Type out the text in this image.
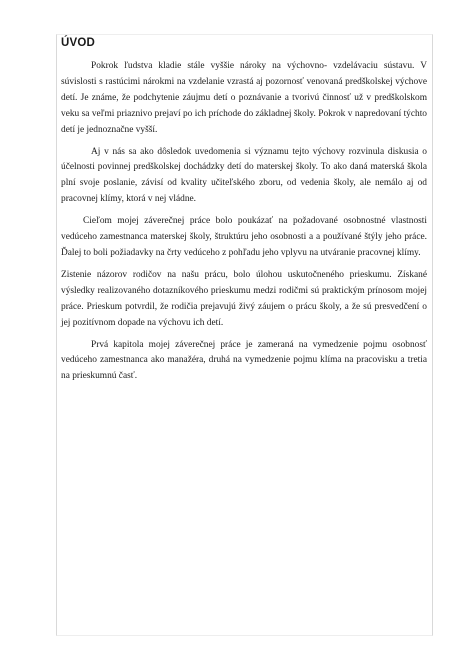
ÚVOD

Pokrok ľudstva kladie stále vyššie nároky na výchovno- vzdelávaciu sústavu. V súvislosti s rastúcimi nárokmi na vzdelanie vzrastá aj pozornosť venovaná predškolskej výchove detí. Je známe, že podchytenie záujmu detí o poznávanie a tvorivú činnosť už v predškolskom veku sa veľmi priaznivo prejaví po ich príchode do základnej školy. Pokrok v napredovaní týchto detí je jednoznačne vyšší.

Aj v nás sa ako dôsledok uvedomenia si významu tejto výchovy rozvinula diskusia o účelnosti povinnej predškolskej dochádzky detí do materskej školy. To ako daná materská škola plní svoje poslanie, závisí od kvality učiteľského zboru, od vedenia školy, ale nemálo aj od pracovnej klímy, ktorá v nej vládne.

Cieľom mojej záverečnej práce bolo poukázať na požadované osobnostné vlastnosti vedúceho zamestnanca materskej školy, štruktúru jeho osobnosti a a používané štýly jeho práce. Ďalej to boli požiadavky na črty vedúceho z pohľadu jeho vplyvu na utváranie pracovnej klímy.

Zistenie názorov rodičov na našu prácu, bolo úlohou uskutočneného prieskumu. Získané výsledky realizovaného dotazníkového prieskumu medzi rodičmi sú praktickým prínosom mojej práce. Prieskum potvrdil, že rodičia prejavujú živý záujem o prácu školy, a že sú presvedčení o jej pozitívnom dopade na výchovu ich detí.

Prvá kapitola mojej záverečnej práce je zameraná na vymedzenie pojmu osobnosť vedúceho zamestnanca ako manažéra, druhá na vymedzenie pojmu klíma na pracovisku a tretia na prieskumnú časť.
